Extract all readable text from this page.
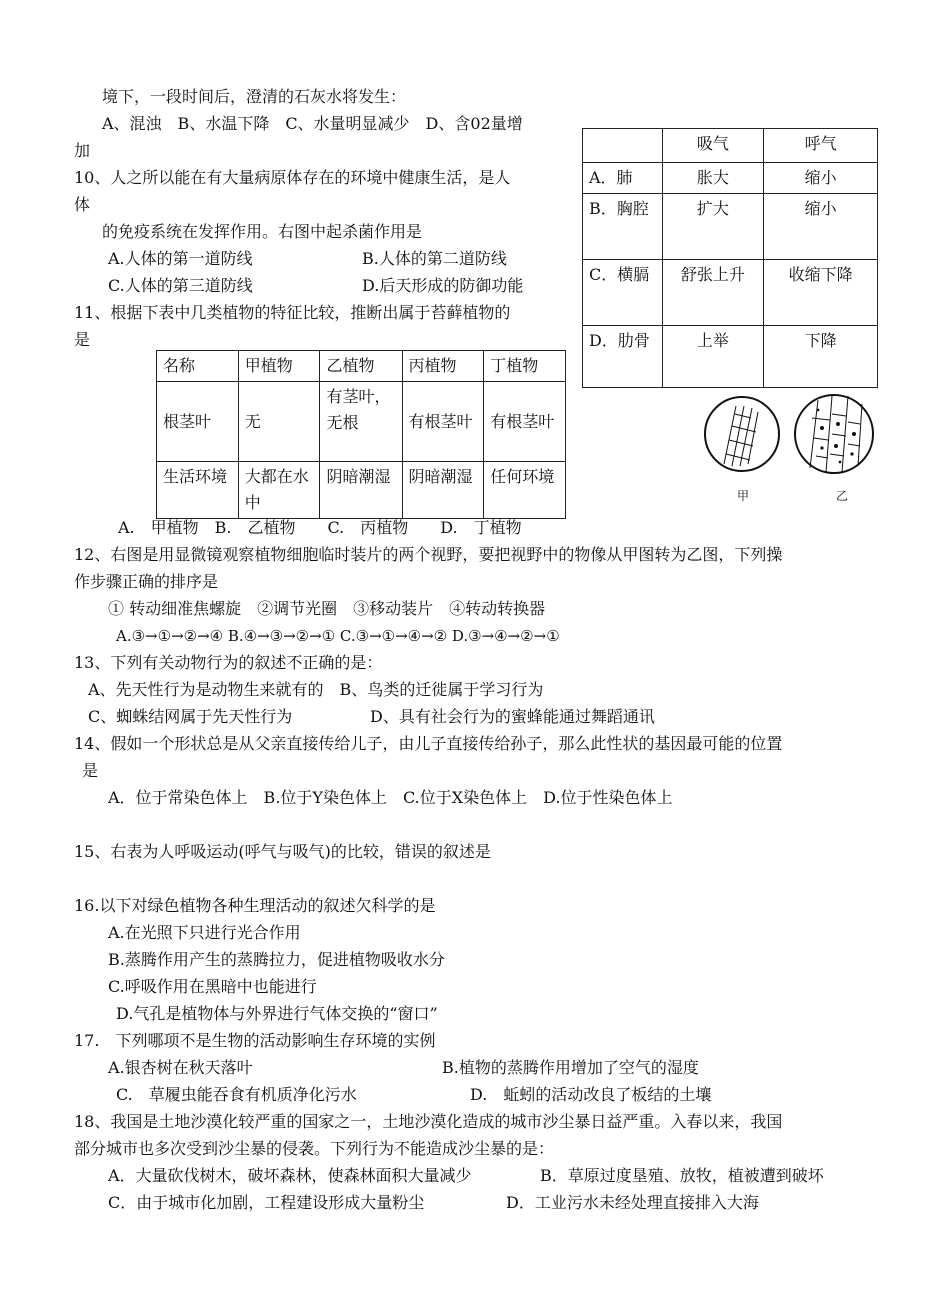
境下，一段时间后，澄清的石灰水将发生：
A、混浊　B、水温下降　C、水量明显减少　D、含02量增
加
10、人之所以能在有大量病原体存在的环境中健康生活，是人
体
的免疫系统在发挥作用。右图中起杀菌作用是
A.人体的第一道防线	B.人体的第二道防线
C.人体的第三道防线	D.后天形成的防御功能
11、根据下表中几类植物的特征比较，推断出属于苔藓植物的
是
名称	甲植物	乙植物	丙植物	丁植物
根茎叶	无	有茎叶，无根	有根茎叶	有根茎叶
生活环境	大都在水中	阴暗潮湿	阴暗潮湿	任何环境
	吸气	呼气
A．肺	胀大	缩小
B．胸腔	扩大	缩小
C．横膈	舒张上升	收缩下降
D．肋骨	上举	下降
甲	乙
A.　甲植物　B.　乙植物　　C.　丙植物　　D.　丁植物
12、右图是用显微镜观察植物细胞临时装片的两个视野，要把视野中的物像从甲图转为乙图，下列操
作步骤正确的排序是
① 转动细准焦螺旋　②调节光圈　③移动装片　④转动转换器
A.③→①→②→④ B.④→③→②→① C.③→①→④→② D.③→④→②→①
13、下列有关动物行为的叙述不正确的是：
A、先天性行为是动物生来就有的　B、鸟类的迁徙属于学习行为
C、蜘蛛结网属于先天性行为	D、具有社会行为的蜜蜂能通过舞蹈通讯
14、假如一个形状总是从父亲直接传给儿子，由儿子直接传给孙子，那么此性状的基因最可能的位置
是
A．位于常染色体上　B.位于Y染色体上　C.位于X染色体上　D.位于性染色体上
15、右表为人呼吸运动(呼气与吸气)的比较，错误的叙述是
16.以下对绿色植物各种生理活动的叙述欠科学的是
A.在光照下只进行光合作用
B.蒸腾作用产生的蒸腾拉力，促进植物吸收水分
C.呼吸作用在黑暗中也能进行
D.气孔是植物体与外界进行气体交换的“窗口”
17.　下列哪项不是生物的活动影响生存环境的实例
A.银杏树在秋天落叶	B.植物的蒸腾作用增加了空气的湿度
C.　草履虫能吞食有机质净化污水	D.　蚯蚓的活动改良了板结的土壤
18、我国是土地沙漠化较严重的国家之一，土地沙漠化造成的城市沙尘暴日益严重。入春以来，我国
部分城市也多次受到沙尘暴的侵袭。下列行为不能造成沙尘暴的是：
A．大量砍伐树木，破坏森林，使森林面积大量减少	B．草原过度垦殖、放牧，植被遭到破坏
C．由于城市化加剧，工程建设形成大量粉尘	D．工业污水未经处理直接排入大海
